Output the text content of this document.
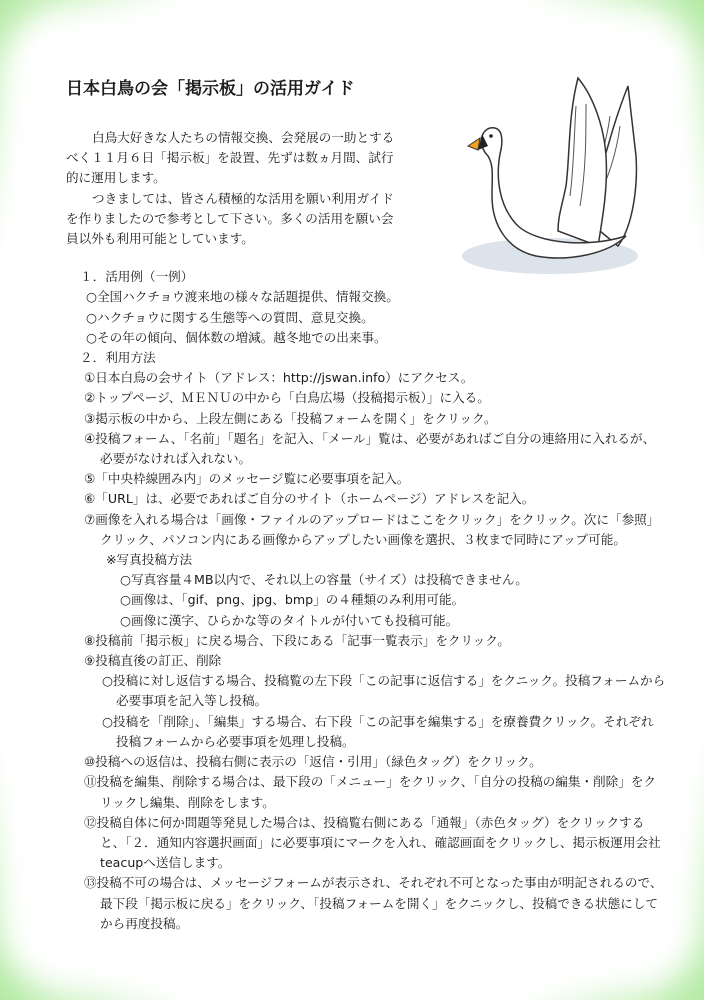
日本白鳥の会「掲示板」の活用ガイド

白鳥大好きな人たちの情報交換、会発展の一助とするべく１１月６日「掲示板」を設置、先ずは数ヵ月間、試行的に運用します。

つきましては、皆さん積極的な活用を願い利用ガイドを作りましたので参考として下さい。多くの活用を願い会員以外も利用可能としています。

１．活用例（一例）
○全国ハクチョウ渡来地の様々な話題提供、情報交換。
○ハクチョウに関する生態等への質問、意見交換。
○その年の傾向、個体数の増減。越冬地での出来事。
２．利用方法
①日本白鳥の会サイト（アドレス：http://jswan.info）にアクセス。
②トップページ、ＭＥＮＵの中から「白鳥広場（投稿掲示板）」に入る。
③掲示板の中から、上段左側にある「投稿フォームを開く」をクリック。
④投稿フォーム、「名前」「題名」を記入、「メール」覧は、必要があればご自分の連絡用に入れるが、必要がなければ入れない。
⑤「中央枠線囲み内」のメッセージ覧に必要事項を記入。
⑥「URL」は、必要であればご自分のサイト（ホームページ）アドレスを記入。
⑦画像を入れる場合は「画像・ファイルのアップロードはここをクリック」をクリック。次に「参照」クリック、パソコン内にある画像からアップしたい画像を選択、３枚まで同時にアップ可能。
※写真投稿方法
○写真容量４MB以内で、それ以上の容量（サイズ）は投稿できません。
○画像は、「gif、png、jpg、bmp」の４種類のみ利用可能。
○画像に漢字、ひらかな等のタイトルが付いても投稿可能。
⑧投稿前「掲示板」に戻る場合、下段にある「記事一覧表示」をクリック。
⑨投稿直後の訂正、削除
○投稿に対し返信する場合、投稿覧の左下段「この記事に返信する」をクニック。投稿フォームから必要事項を記入等し投稿。
○投稿を「削除」、「編集」する場合、右下段「この記事を編集する」を療養費クリック。それぞれ投稿フォームから必要事項を処理し投稿。
⑩投稿への返信は、投稿右側に表示の「返信・引用」（緑色タッグ）をクリック。
⑪投稿を編集、削除する場合は、最下段の「メニュー」をクリック、「自分の投稿の編集・削除」をクリックし編集、削除をします。
⑫投稿自体に何か問題等発見した場合は、投稿覧右側にある「通報」（赤色タッグ）をクリックすると、「２．通知内容選択画面」に必要事項にマークを入れ、確認画面をクリックし、掲示板運用会社teacupへ送信します。
⑬投稿不可の場合は、メッセージフォームが表示され、それぞれ不可となった事由が明記されるので、最下段「掲示板に戻る」をクリック、「投稿フォームを開く」をクニックし、投稿できる状態にしてから再度投稿。
